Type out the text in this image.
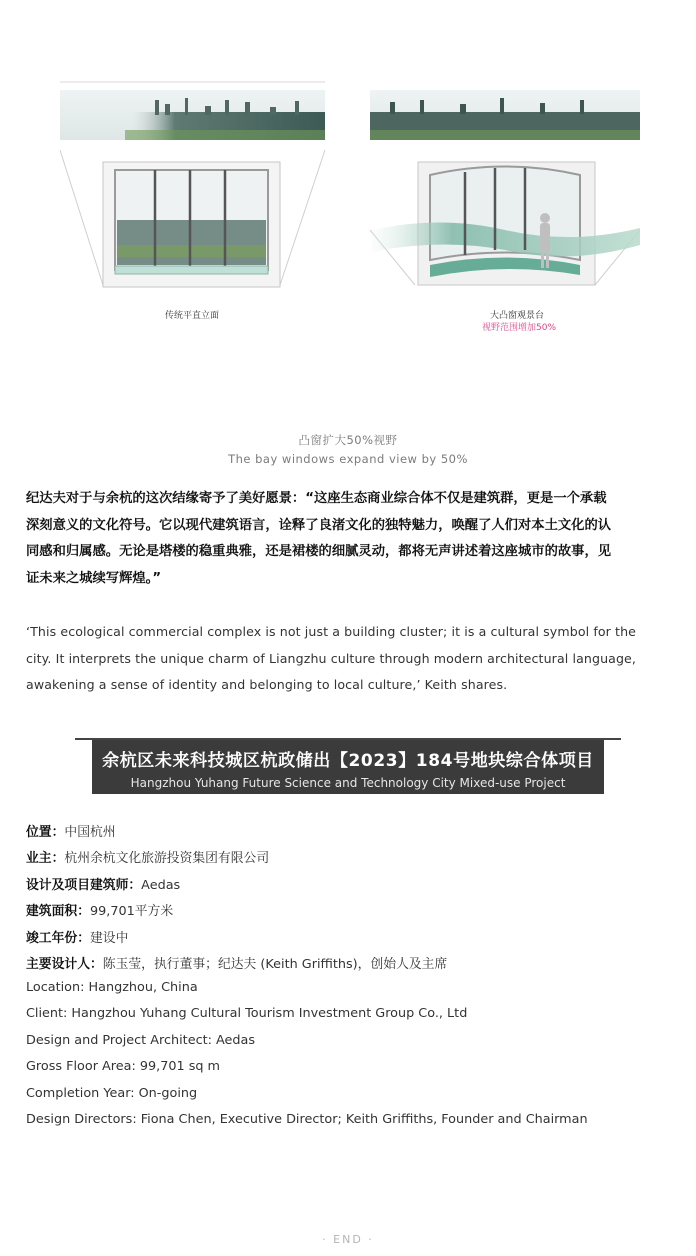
传统平直立面	大凸窗观景台
视野范围增加50%
凸窗扩大50%视野
The bay windows expand view by 50%
纪达夫对于与余杭的这次结缘寄予了美好愿景：“这座生态商业综合体不仅是建筑群，更是一个承载
深刻意义的文化符号。它以现代建筑语言，诠释了良渚文化的独特魅力，唤醒了人们对本土文化的认
同感和归属感。无论是塔楼的稳重典雅，还是裙楼的细腻灵动，都将无声讲述着这座城市的故事，见
证未来之城续写辉煌。”
‘This ecological commercial complex is not just a building cluster; it is a cultural symbol for the
city. It interprets the unique charm of Liangzhu culture through modern architectural language,
awakening a sense of identity and belonging to local culture,’ Keith shares.
余杭区未来科技城区杭政储出【2023】184号地块综合体项目
Hangzhou Yuhang Future Science and Technology City Mixed-use Project
位置：中国杭州
业主：杭州余杭文化旅游投资集团有限公司
设计及项目建筑师：Aedas
建筑面积：99,701平方米
竣工年份：建设中
主要设计人：陈玉莹，执行董事；纪达夫 (Keith Griffiths)，创始人及主席
Location: Hangzhou, China
Client: Hangzhou Yuhang Cultural Tourism Investment Group Co., Ltd
Design and Project Architect: Aedas
Gross Floor Area: 99,701 sq m
Completion Year: On-going
Design Directors: Fiona Chen, Executive Director; Keith Griffiths, Founder and Chairman
· END ·
